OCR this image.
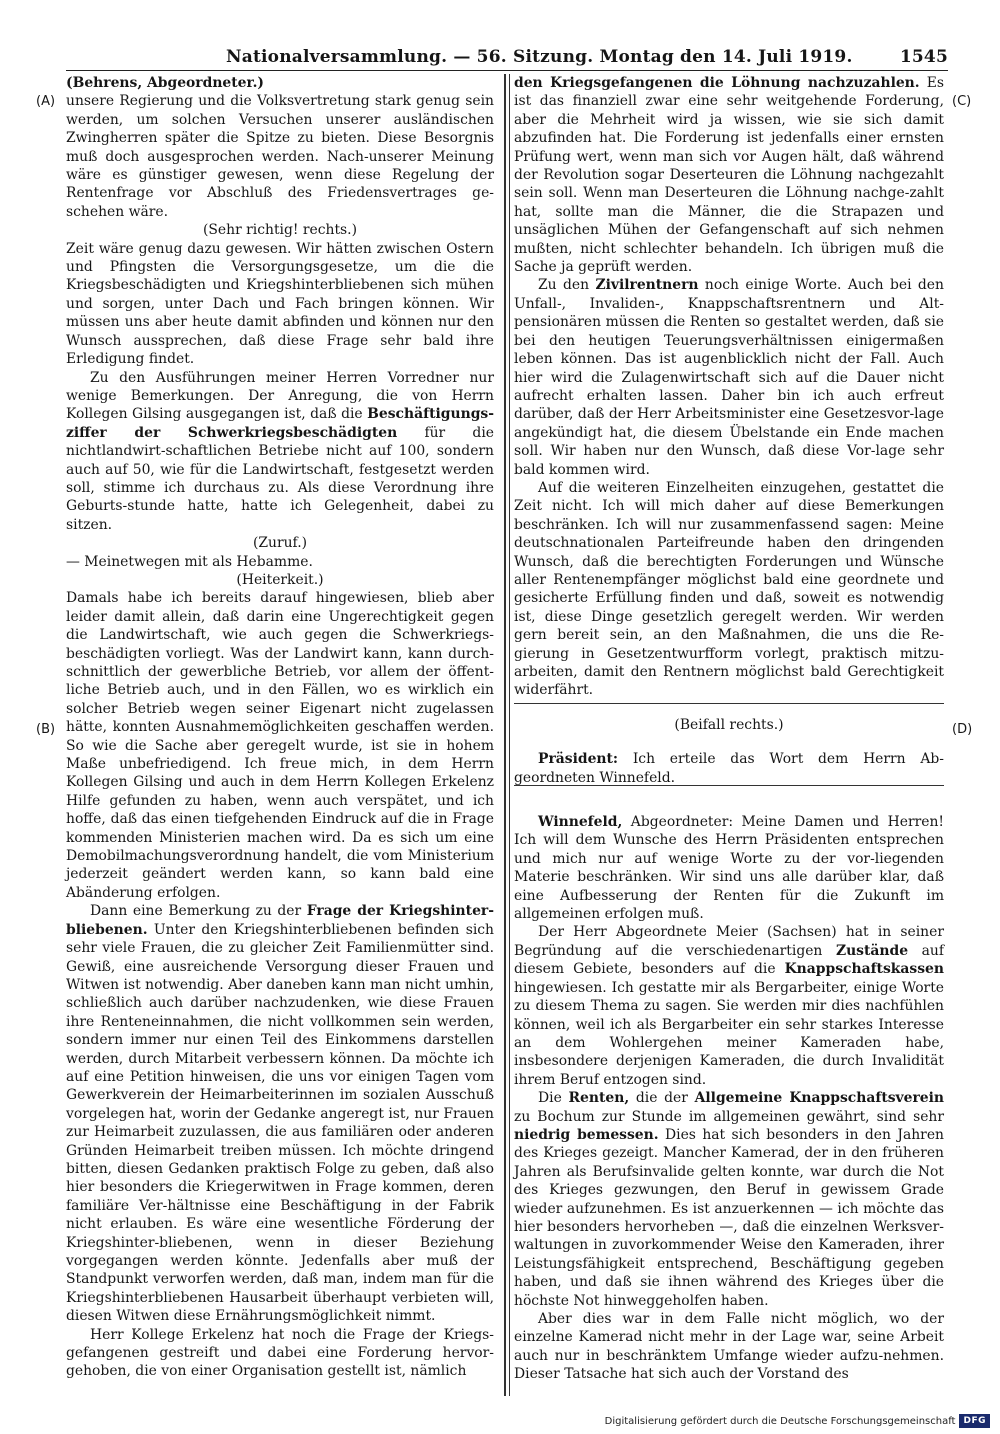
Nationalversammlung. — 56. Sitzung. Montag den 14. Juli 1919.	1545
(A)
(B)
(C)
(D)

(Behrens, Abgeordneter.)

unsere Regierung und die Volksvertretung stark genug sein werden, um solchen Versuchen unserer ausländischen Zwingherren später die Spitze zu bieten. Diese Besorgnis muß doch ausgesprochen werden. Nach-unserer Meinung wäre es günstiger gewesen, wenn diese Regelung der Rentenfrage vor Abschluß des Friedensvertrages ge-schehen wäre.

(Sehr richtig! rechts.)

Zeit wäre genug dazu gewesen. Wir hätten zwischen Ostern und Pfingsten die Versorgungsgesetze, um die die Kriegsbeschädigten und Kriegshinterbliebenen sich mühen und sorgen, unter Dach und Fach bringen können. Wir müssen uns aber heute damit abfinden und können nur den Wunsch aussprechen, daß diese Frage sehr bald ihre Erledigung findet.

Zu den Ausführungen meiner Herren Vorredner nur wenige Bemerkungen. Der Anregung, die von Herrn Kollegen Gilsing ausgegangen ist, daß die Beschäftigungs-ziffer der Schwerkriegsbeschädigten für die nichtlandwirt-schaftlichen Betriebe nicht auf 100, sondern auch auf 50, wie für die Landwirtschaft, festgesetzt werden soll, stimme ich durchaus zu. Als diese Verordnung ihre Geburts-stunde hatte, hatte ich Gelegenheit, dabei zu sitzen.

(Zuruf.)

— Meinetwegen mit als Hebamme.

(Heiterkeit.)

Damals habe ich bereits darauf hingewiesen, blieb aber leider damit allein, daß darin eine Ungerechtigkeit gegen die Landwirtschaft, wie auch gegen die Schwerkriegs-beschädigten vorliegt. Was der Landwirt kann, kann durch-schnittlich der gewerbliche Betrieb, vor allem der öffent-liche Betrieb auch, und in den Fällen, wo es wirklich ein solcher Betrieb wegen seiner Eigenart nicht zugelassen hätte, konnten Ausnahmemöglichkeiten geschaffen werden. So wie die Sache aber geregelt wurde, ist sie in hohem Maße unbefriedigend. Ich freue mich, in dem Herrn Kollegen Gilsing und auch in dem Herrn Kollegen Erkelenz Hilfe gefunden zu haben, wenn auch verspätet, und ich hoffe, daß das einen tiefgehenden Eindruck auf die in Frage kommenden Ministerien machen wird. Da es sich um eine Demobilmachungsverordnung handelt, die vom Ministerium jederzeit geändert werden kann, so kann bald eine Abänderung erfolgen.

Dann eine Bemerkung zu der Frage der Kriegshinter-bliebenen. Unter den Kriegshinterbliebenen befinden sich sehr viele Frauen, die zu gleicher Zeit Familienmütter sind. Gewiß, eine ausreichende Versorgung dieser Frauen und Witwen ist notwendig. Aber daneben kann man nicht umhin, schließlich auch darüber nachzudenken, wie diese Frauen ihre Renteneinnahmen, die nicht vollkommen sein werden, sondern immer nur einen Teil des Einkommens darstellen werden, durch Mitarbeit verbessern können. Da möchte ich auf eine Petition hinweisen, die uns vor einigen Tagen vom Gewerkverein der Heimarbeiterinnen im sozialen Ausschuß vorgelegen hat, worin der Gedanke angeregt ist, nur Frauen zur Heimarbeit zuzulassen, die aus familiären oder anderen Gründen Heimarbeit treiben müssen. Ich möchte dringend bitten, diesen Gedanken praktisch Folge zu geben, daß also hier besonders die Kriegerwitwen in Frage kommen, deren familiäre Ver-hältnisse eine Beschäftigung in der Fabrik nicht erlauben. Es wäre eine wesentliche Förderung der Kriegshinter-bliebenen, wenn in dieser Beziehung vorgegangen werden könnte. Jedenfalls aber muß der Standpunkt verworfen werden, daß man, indem man für die Kriegshinterbliebenen Hausarbeit überhaupt verbieten will, diesen Witwen diese Ernährungsmöglichkeit nimmt.

Herr Kollege Erkelenz hat noch die Frage der Kriegs-gefangenen gestreift und dabei eine Forderung hervor-gehoben, die von einer Organisation gestellt ist, nämlich

den Kriegsgefangenen die Löhnung nachzuzahlen. Es ist das finanziell zwar eine sehr weitgehende Forderung, aber die Mehrheit wird ja wissen, wie sie sich damit abzufinden hat. Die Forderung ist jedenfalls einer ernsten Prüfung wert, wenn man sich vor Augen hält, daß während der Revolution sogar Deserteuren die Löhnung nachgezahlt sein soll. Wenn man Deserteuren die Löhnung nachge-zahlt hat, sollte man die Männer, die die Strapazen und unsäglichen Mühen der Gefangenschaft auf sich nehmen mußten, nicht schlechter behandeln. Ich übrigen muß die Sache ja geprüft werden.

Zu den Zivilrentnern noch einige Worte. Auch bei den Unfall-, Invaliden-, Knappschaftsrentnern und Alt-pensionären müssen die Renten so gestaltet werden, daß sie bei den heutigen Teuerungsverhältnissen einigermaßen leben können. Das ist augenblicklich nicht der Fall. Auch hier wird die Zulagenwirtschaft sich auf die Dauer nicht aufrecht erhalten lassen. Daher bin ich auch erfreut darüber, daß der Herr Arbeitsminister eine Gesetzesvor-lage angekündigt hat, die diesem Übelstande ein Ende machen soll. Wir haben nur den Wunsch, daß diese Vor-lage sehr bald kommen wird.

Auf die weiteren Einzelheiten einzugehen, gestattet die Zeit nicht. Ich will mich daher auf diese Bemerkungen beschränken. Ich will nur zusammenfassend sagen: Meine deutschnationalen Parteifreunde haben den dringenden Wunsch, daß die berechtigten Forderungen und Wünsche aller Rentenempfänger möglichst bald eine geordnete und gesicherte Erfüllung finden und daß, soweit es notwendig ist, diese Dinge gesetzlich geregelt werden. Wir werden gern bereit sein, an den Maßnahmen, die uns die Re-gierung in Gesetzentwurfform vorlegt, praktisch mitzu-arbeiten, damit den Rentnern möglichst bald Gerechtigkeit widerfährt.

(Beifall rechts.)

Präsident: Ich erteile das Wort dem Herrn Ab-geordneten Winnefeld.

Winnefeld, Abgeordneter: Meine Damen und Herren! Ich will dem Wunsche des Herrn Präsidenten entsprechen und mich nur auf wenige Worte zu der vor-liegenden Materie beschränken. Wir sind uns alle darüber klar, daß eine Aufbesserung der Renten für die Zukunft im allgemeinen erfolgen muß.

Der Herr Abgeordnete Meier (Sachsen) hat in seiner Begründung auf die verschiedenartigen Zustände auf diesem Gebiete, besonders auf die Knappschaftskassen hingewiesen. Ich gestatte mir als Bergarbeiter, einige Worte zu diesem Thema zu sagen. Sie werden mir dies nachfühlen können, weil ich als Bergarbeiter ein sehr starkes Interesse an dem Wohlergehen meiner Kameraden habe, insbesondere derjenigen Kameraden, die durch Invalidität ihrem Beruf entzogen sind.

Die Renten, die der Allgemeine Knappschaftsverein zu Bochum zur Stunde im allgemeinen gewährt, sind sehr niedrig bemessen. Dies hat sich besonders in den Jahren des Krieges gezeigt. Mancher Kamerad, der in den früheren Jahren als Berufsinvalide gelten konnte, war durch die Not des Krieges gezwungen, den Beruf in gewissem Grade wieder aufzunehmen. Es ist anzuerkennen — ich möchte das hier besonders hervorheben —, daß die einzelnen Werksver-waltungen in zuvorkommender Weise den Kameraden, ihrer Leistungsfähigkeit entsprechend, Beschäftigung gegeben haben, und daß sie ihnen während des Krieges über die höchste Not hinweggeholfen haben.

Aber dies war in dem Falle nicht möglich, wo der einzelne Kamerad nicht mehr in der Lage war, seine Arbeit auch nur in beschränktem Umfange wieder aufzu-nehmen. Dieser Tatsache hat sich auch der Vorstand des

Digitalisierung gefördert durch die Deutsche Forschungsgemeinschaft DFG
